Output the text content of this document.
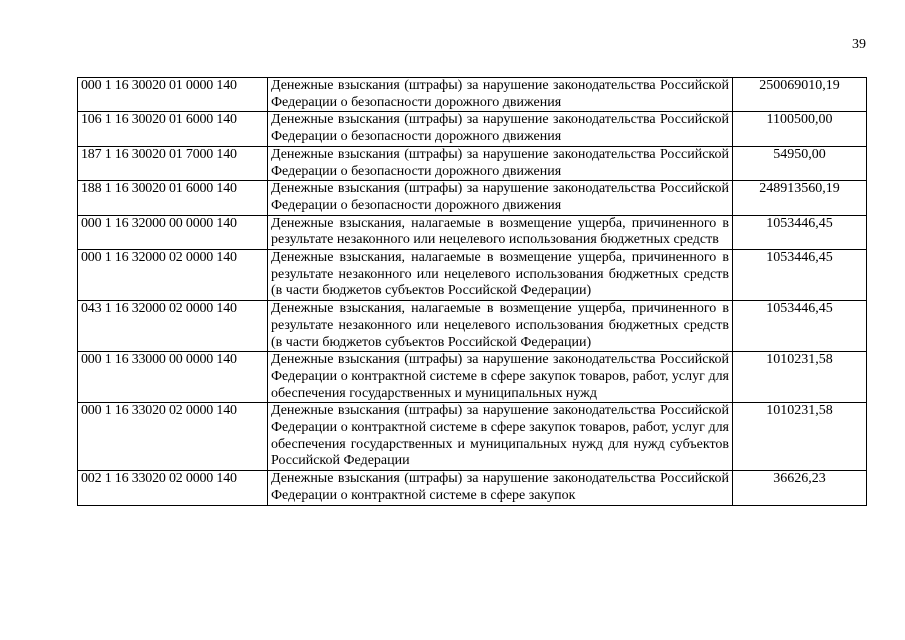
39
000 1 16 30020 01 0000 140	Денежные взыскания (штрафы) за нарушение законодательства Российской Федерации о безопасности дорожного движения	250069010,19
106 1 16 30020 01 6000 140	Денежные взыскания (штрафы) за нарушение законодательства Российской Федерации о безопасности дорожного движения	1100500,00
187 1 16 30020 01 7000 140	Денежные взыскания (штрафы) за нарушение законодательства Российской Федерации о безопасности дорожного движения	54950,00
188 1 16 30020 01 6000 140	Денежные взыскания (штрафы) за нарушение законодательства Российской Федерации о безопасности дорожного движения	248913560,19
000 1 16 32000 00 0000 140	Денежные взыскания, налагаемые в возмещение ущерба, причиненного в результате незаконного или нецелевого использования бюджетных средств	1053446,45
000 1 16 32000 02 0000 140	Денежные взыскания, налагаемые в возмещение ущерба, причиненного в результате незаконного или нецелевого использования бюджетных средств (в части бюджетов субъектов Российской Федерации)	1053446,45
043 1 16 32000 02 0000 140	Денежные взыскания, налагаемые в возмещение ущерба, причиненного в результате незаконного или нецелевого использования бюджетных средств (в части бюджетов субъектов Российской Федерации)	1053446,45
000 1 16 33000 00 0000 140	Денежные взыскания (штрафы) за нарушение законодательства Российской Федерации о контрактной системе в сфере закупок товаров, работ, услуг для обеспечения государственных и муниципальных нужд	1010231,58
000 1 16 33020 02 0000 140	Денежные взыскания (штрафы) за нарушение законодательства Российской Федерации о контрактной системе в сфере закупок товаров, работ, услуг для обеспечения государственных и муниципальных нужд для нужд субъектов Российской Федерации	1010231,58
002 1 16 33020 02 0000 140	Денежные взыскания (штрафы) за нарушение законодательства Российской Федерации о контрактной системе в сфере закупок	36626,23
